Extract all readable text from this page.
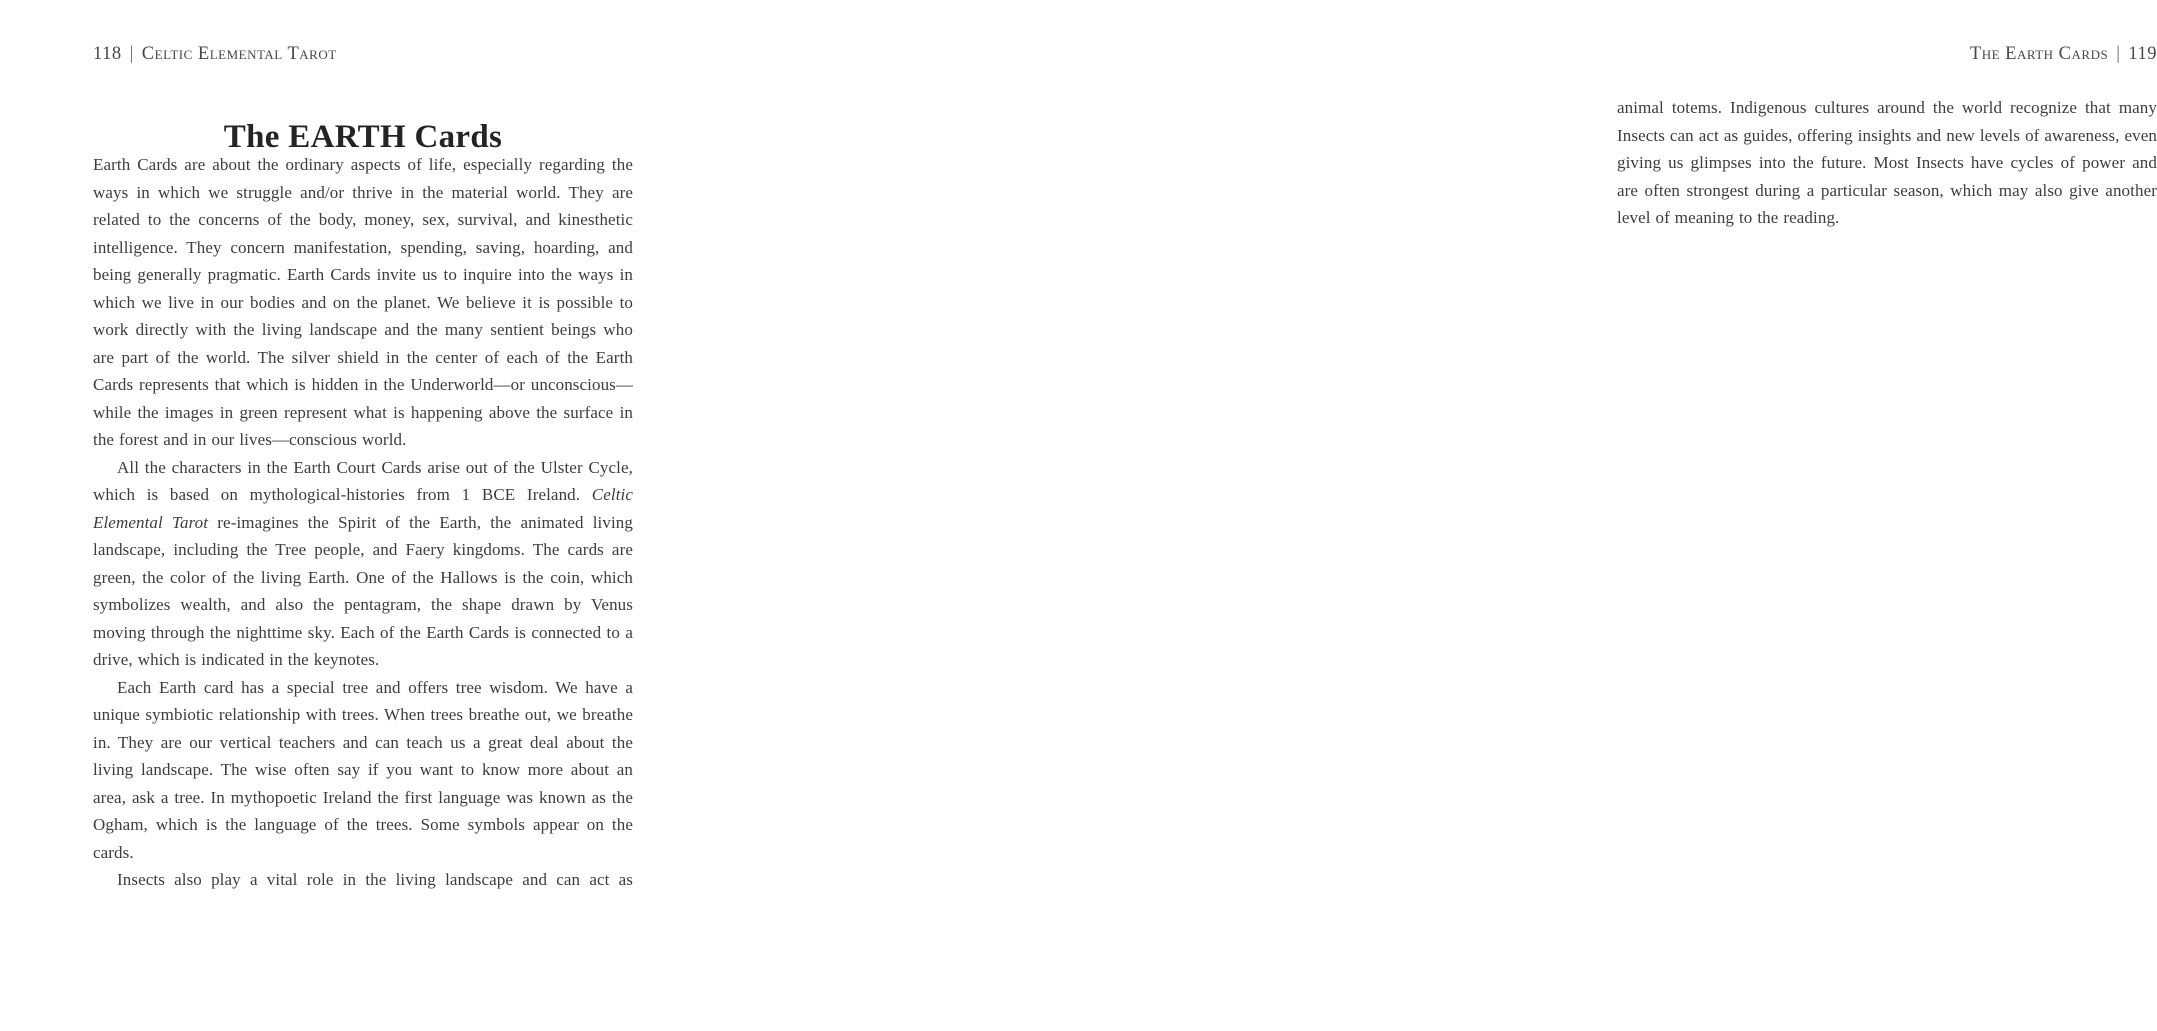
118 | Celtic Elemental Tarot
The EARTH Cards

Earth Cards are about the ordinary aspects of life, especially regarding the ways in which we struggle and/or thrive in the material world. They are related to the concerns of the body, money, sex, survival, and kinesthetic intelligence. They concern manifestation, spending, saving, hoarding, and being generally pragmatic. Earth Cards invite us to inquire into the ways in which we live in our bodies and on the planet. We believe it is possible to work directly with the living landscape and the many sentient beings who are part of the world. The silver shield in the center of each of the Earth Cards represents that which is hidden in the Underworld—or unconscious—while the images in green represent what is happening above the surface in the forest and in our lives—conscious world.

All the characters in the Earth Court Cards arise out of the Ulster Cycle, which is based on mythological-histories from 1 BCE Ireland. Celtic Elemental Tarot re-imagines the Spirit of the Earth, the animated living landscape, including the Tree people, and Faery kingdoms. The cards are green, the color of the living Earth. One of the Hallows is the coin, which symbolizes wealth, and also the pentagram, the shape drawn by Venus moving through the nighttime sky. Each of the Earth Cards is connected to a drive, which is indicated in the keynotes.

Each Earth card has a special tree and offers tree wisdom. We have a unique symbiotic relationship with trees. When trees breathe out, we breathe in. They are our vertical teachers and can teach us a great deal about the living landscape. The wise often say if you want to know more about an area, ask a tree. In mythopoetic Ireland the first language was known as the Ogham, which is the language of the trees. Some symbols appear on the cards.

Insects also play a vital role in the living landscape and can act as

The Earth Cards | 119

animal totems. Indigenous cultures around the world recognize that many Insects can act as guides, offering insights and new levels of awareness, even giving us glimpses into the future. Most Insects have cycles of power and are often strongest during a particular season, which may also give another level of meaning to the reading.
